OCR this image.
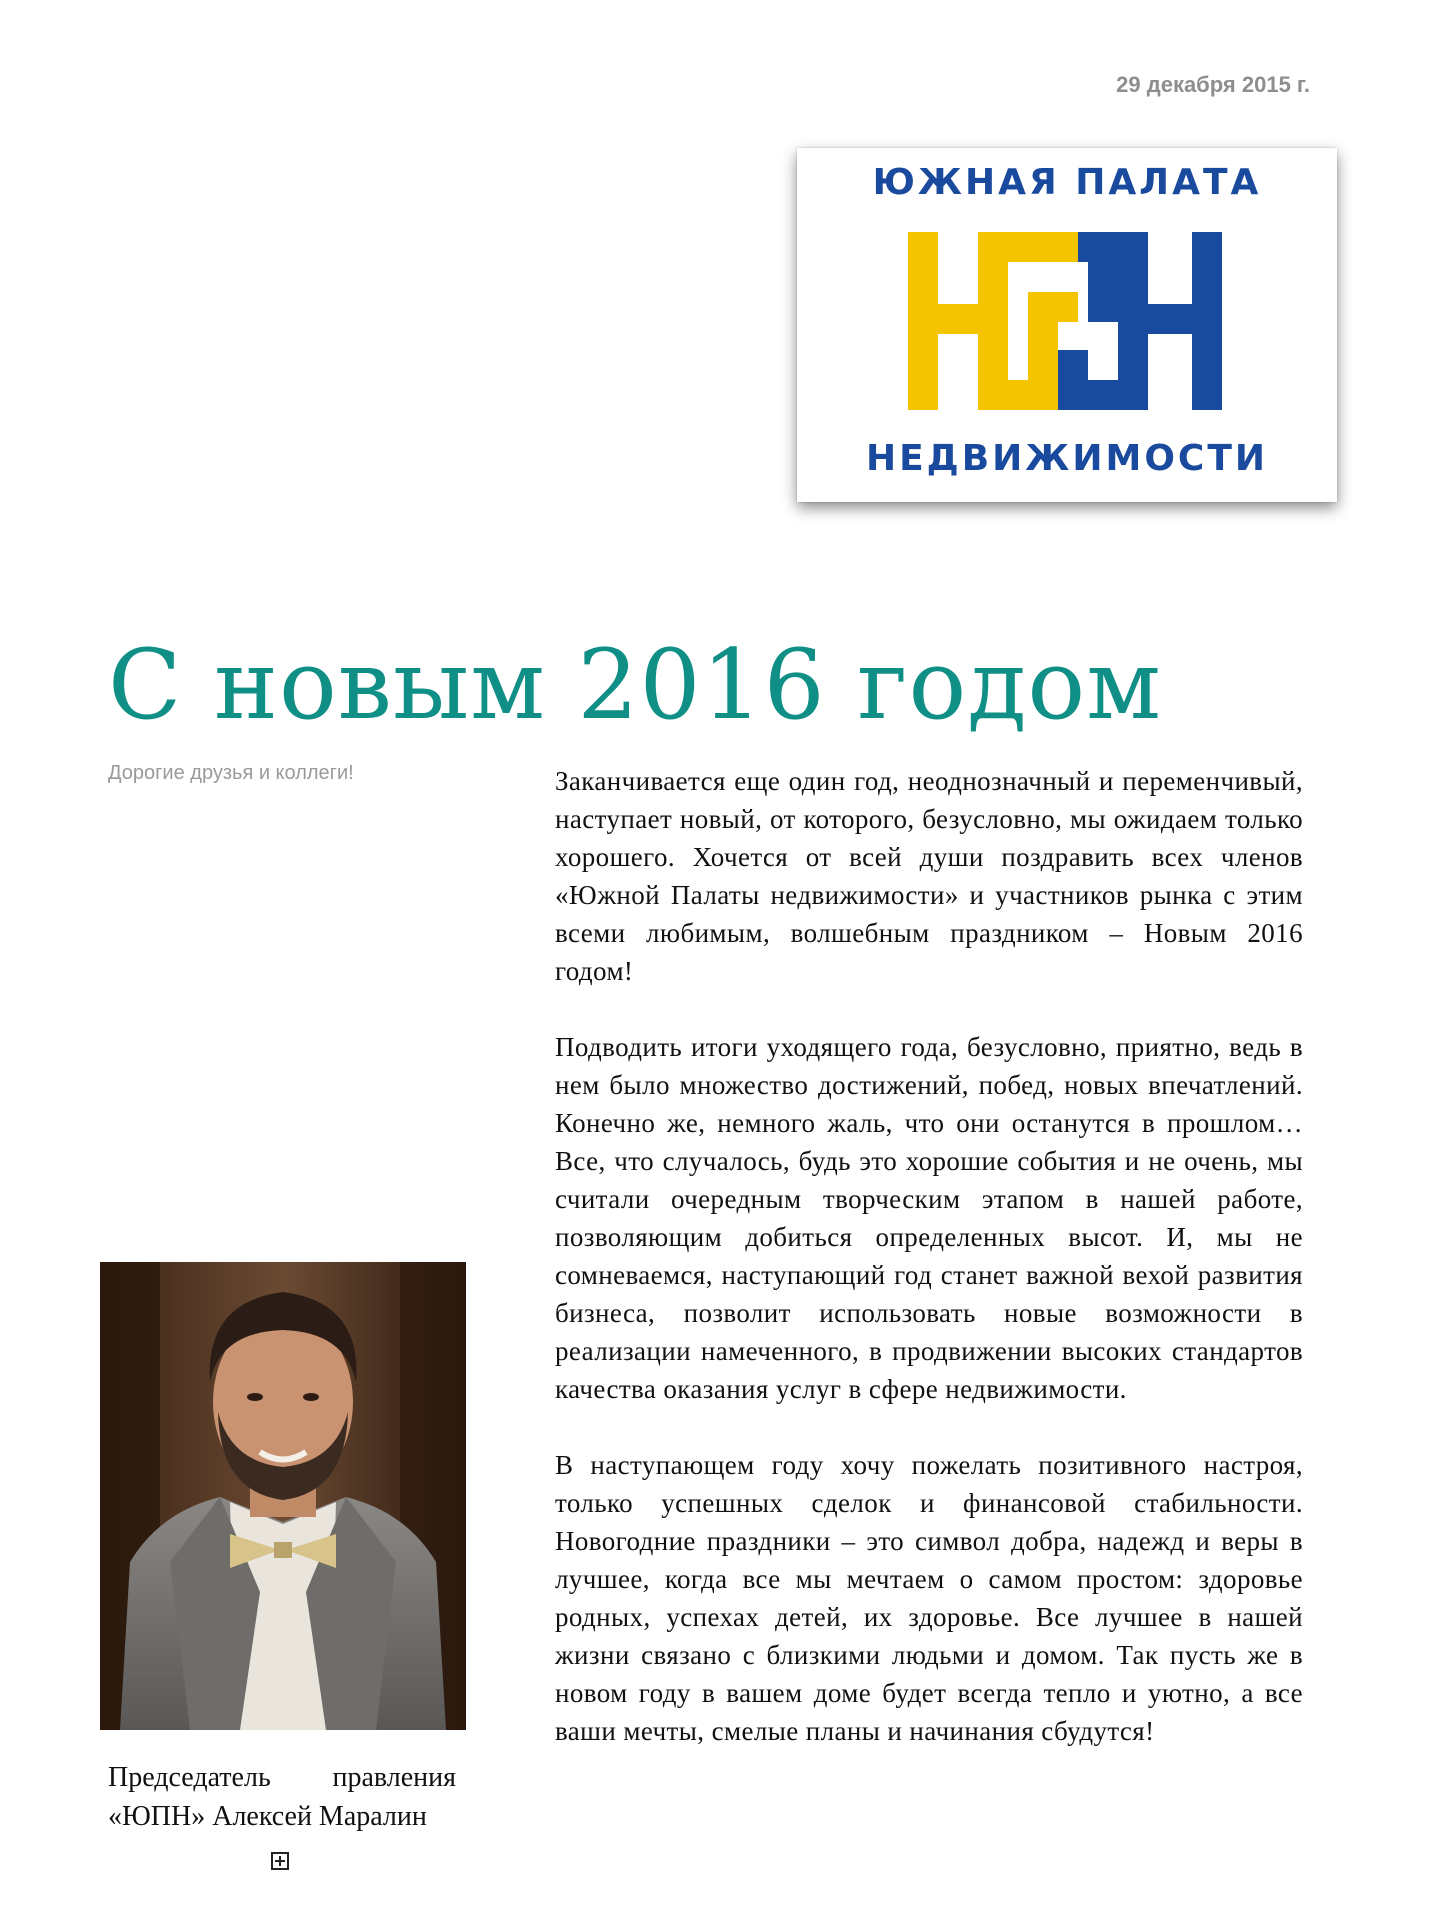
29 декабря 2015 г.
ЮЖНАЯ ПАЛАТА
НЕДВИЖИМОСТИ
С новым 2016 годом
Дорогие друзья и коллеги!	Заканчивается еще один год, неоднозначный и переменчивый, наступает новый, от которого, безусловно, мы ожидаем только хорошего. Хочется от всей души поздравить всех членов «Южной Палаты недвижимости» и участников рынка с этим всеми любимым, волшебным праздником – Новым 2016 годом!

Подводить итоги уходящего года, безусловно, приятно, ведь в нем было множество достижений, побед, новых впечатлений. Конечно же, немного жаль, что они останутся в прошлом… Все, что случалось, будь это хорошие события и не очень, мы считали очередным творческим этапом в нашей работе, позволяющим добиться определенных высот. И, мы не сомневаемся, наступающий год станет важной вехой развития бизнеса, позволит использовать новые возможности в реализации намеченного, в продвижении высоких стандартов качества оказания услуг в сфере недвижимости.

В наступающем году хочу пожелать позитивного настроя, только успешных сделок и финансовой стабильности. Новогодние праздники – это символ добра, надежд и веры в лучшее, когда все мы мечтаем о самом простом: здоровье родных, успехах детей, их здоровье. Все лучшее в нашей жизни связано с близкими людьми и домом. Так пусть же в новом году в вашем доме будет всегда тепло и уютно, а все ваши мечты, смелые планы и начинания сбудутся!

Председатель правления «ЮПН» Алексей Маралин
